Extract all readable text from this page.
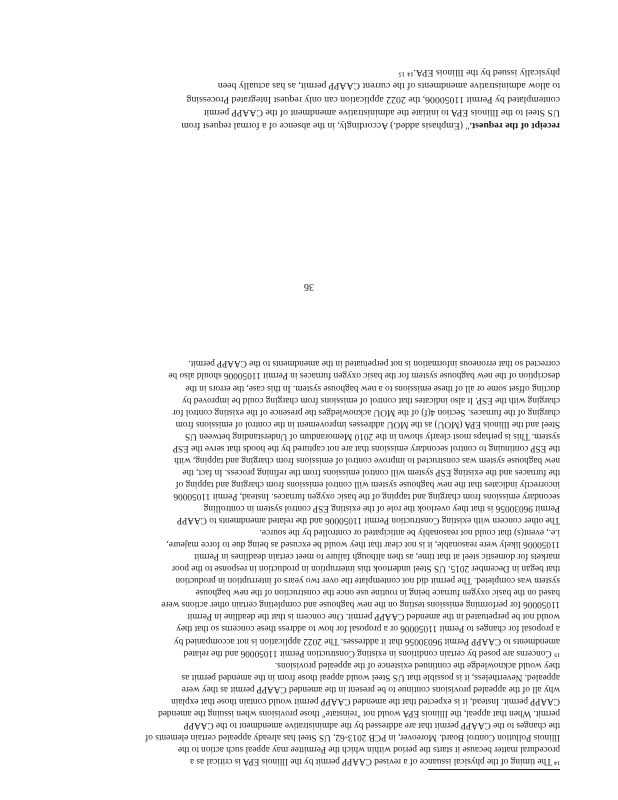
¹⁴ The timing of the physical issuance of a revised CAAPP permit by the Illinois EPA is critical as a

procedural matter because it starts the period within which the Permittee may appeal such action to the

Illinois Pollution Control Board. Moreover, in PCB 2013-62, US Steel has already appealed certain elements of

the changes to the CAAPP permit that are addressed by the administrative amendment to the CAAPP

permit. When that appeal, the Illinois EPA would not "reinstate" those provisions when issuing the amended

CAAPP permit. Instead, it is expected that the amended CAAPP permit would contain those that explain

why all of the appealed provisions continue to be present in the amended CAAPP permit as they were

appealed. Nevertheless, it is possible that US Steel would appeal those from in the amended permit as

they would acknowledge the continued existence of the appealed provisions.

¹⁵ Concerns are posed by certain conditions in existing Construction Permit 11050006 and the related

amendments to CAAPP Permit 96030056 that it addresses. The 2022 application is not accompanied by

a proposal for changes to Permit 11050006 or a proposal for how to address these concerns so that they

would not be perpetuated in the amended CAAPP permit. One concern is that the deadline in Permit

11050006 for performing emissions testing on the new baghouse and completing certain other actions were

based on the basic oxygen furnace being in routine use once the construction of the new baghouse

system was completed. The permit did not contemplate the over two years of interruption in production

that began in December 2015. US Steel undertook this interruption in production in response to the poor

markets for domestic steel at that time, as then although failure to meet certain deadlines in Permit

11050006 likely were reasonable, it is not clear that they would be excused as being due to force majeure,

i.e., event(s) that could not reasonably be anticipated or controlled by the source.

The other concern with existing Construction Permit 11050006 and the related amendments to CAAPP

Permit 96030056 is that they overlook the role of the existing ESP control system in controlling

secondary emissions from charging and tapping of the basic oxygen furnaces. Instead, Permit 11050006

incorrectly indicates that the new baghouse system will control emissions from charging and tapping of

the furnaces and the existing ESP system will control emissions from the refining process. In fact, the

new baghouse system was constructed to improve control of emissions from charging and tapping, with

the ESP continuing to control secondary emissions that are not captured by the hoods that serve the ESP

system. This is perhaps most clearly shown in the 2010 Memorandum of Understanding between US

Steel and the Illinois EPA (MOU) as the MOU addresses improvement in the control of emissions from

charging of the furnaces. Section 4(f) of the MOU acknowledges the presence of the existing control for

charging with the ESP. It also indicates that control of emissions from charging could be improved by

ducting offset some or all of these emissions to a new baghouse system. In this case, the errors in the

description of the new baghouse system for the basic oxygen furnaces in Permit 11050006 should also be

corrected so that erroneous information is not perpetuated in the amendments to the CAAPP permit.

36

receipt of the request." (Emphasis added.) Accordingly, in the absence of a formal request from

US Steel to the Illinois EPA to initiate the administrative amendment of the CAAPP permit

contemplated by Permit 11050006, the 2022 application can only request Integrated Processing

to allow administrative amendments of the current CAAPP permit, as has actually been

physically issued by the Illinois EPA.¹⁴ ¹⁵
